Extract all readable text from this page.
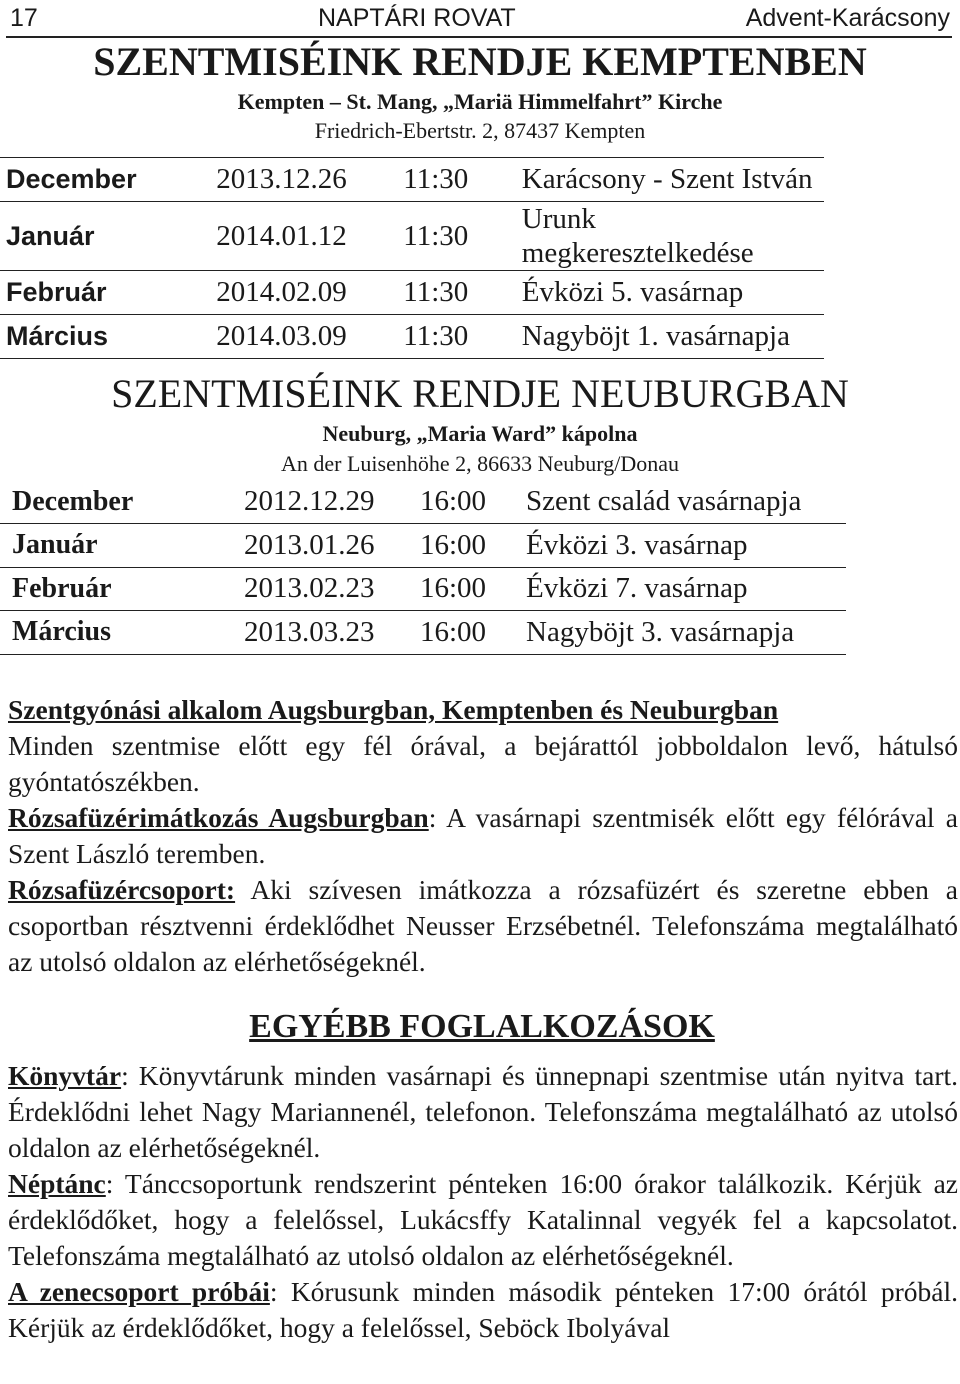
17	NAPTÁRI ROVAT	Advent-Karácsony
SZENTMISÉINK RENDJE KEMPTENBEN
Kempten – St. Mang, „Mariä Himmelfahrt” Kirche
Friedrich-Ebertstr. 2, 87437 Kempten
December	2013.12.26	11:30	Karácsony - Szent István
Január	2014.01.12	11:30	Urunk megkeresztelkedése
Február	2014.02.09	11:30	Évközi 5. vasárnap
Március	2014.03.09	11:30	Nagyböjt 1. vasárnapja
SZENTMISÉINK RENDJE NEUBURGBAN
Neuburg, „Maria Ward” kápolna
An der Luisenhöhe 2, 86633 Neuburg/Donau
December	2012.12.29	16:00	Szent család vasárnapja
Január	2013.01.26	16:00	Évközi 3. vasárnap
Február	2013.02.23	16:00	Évközi 7. vasárnap
Március	2013.03.23	16:00	Nagyböjt 3. vasárnapja

Szentgyónási alkalom Augsburgban, Kemptenben és Neuburgban

Minden szentmise előtt egy fél órával, a bejárattól jobboldalon levő, hátulsó gyóntatószékben.

Rózsafüzérimátkozás Augsburgban: A vasárnapi szentmisék előtt egy félórával a Szent László teremben.

Rózsafüzércsoport: Aki szívesen imátkozza a rózsafüzért és szeretne ebben a csoportban résztvenni érdeklődhet Neusser Erzsébetnél. Telefonszáma megtalálható az utolsó oldalon az elérhetőségeknél.

EGYÉBB FOGLALKOZÁSOK

Könyvtár: Könyvtárunk minden vasárnapi és ünnepnapi szentmise után nyitva tart. Érdeklődni lehet Nagy Mariannenél, telefonon. Telefonszáma megtalálható az utolsó oldalon az elérhetőségeknél.

Néptánc: Tánccsoportunk rendszerint pénteken 16:00 órakor találkozik. Kérjük az érdeklődőket, hogy a felelőssel, Lukácsffy Katalinnal vegyék fel a kapcsolatot. Telefonszáma megtalálható az utolsó oldalon az elérhetőségeknél.

A zenecsoport próbái: Kórusunk minden második pénteken 17:00 órától próbál. Kérjük az érdeklődőket, hogy a felelőssel, Seböck Ibolyával
